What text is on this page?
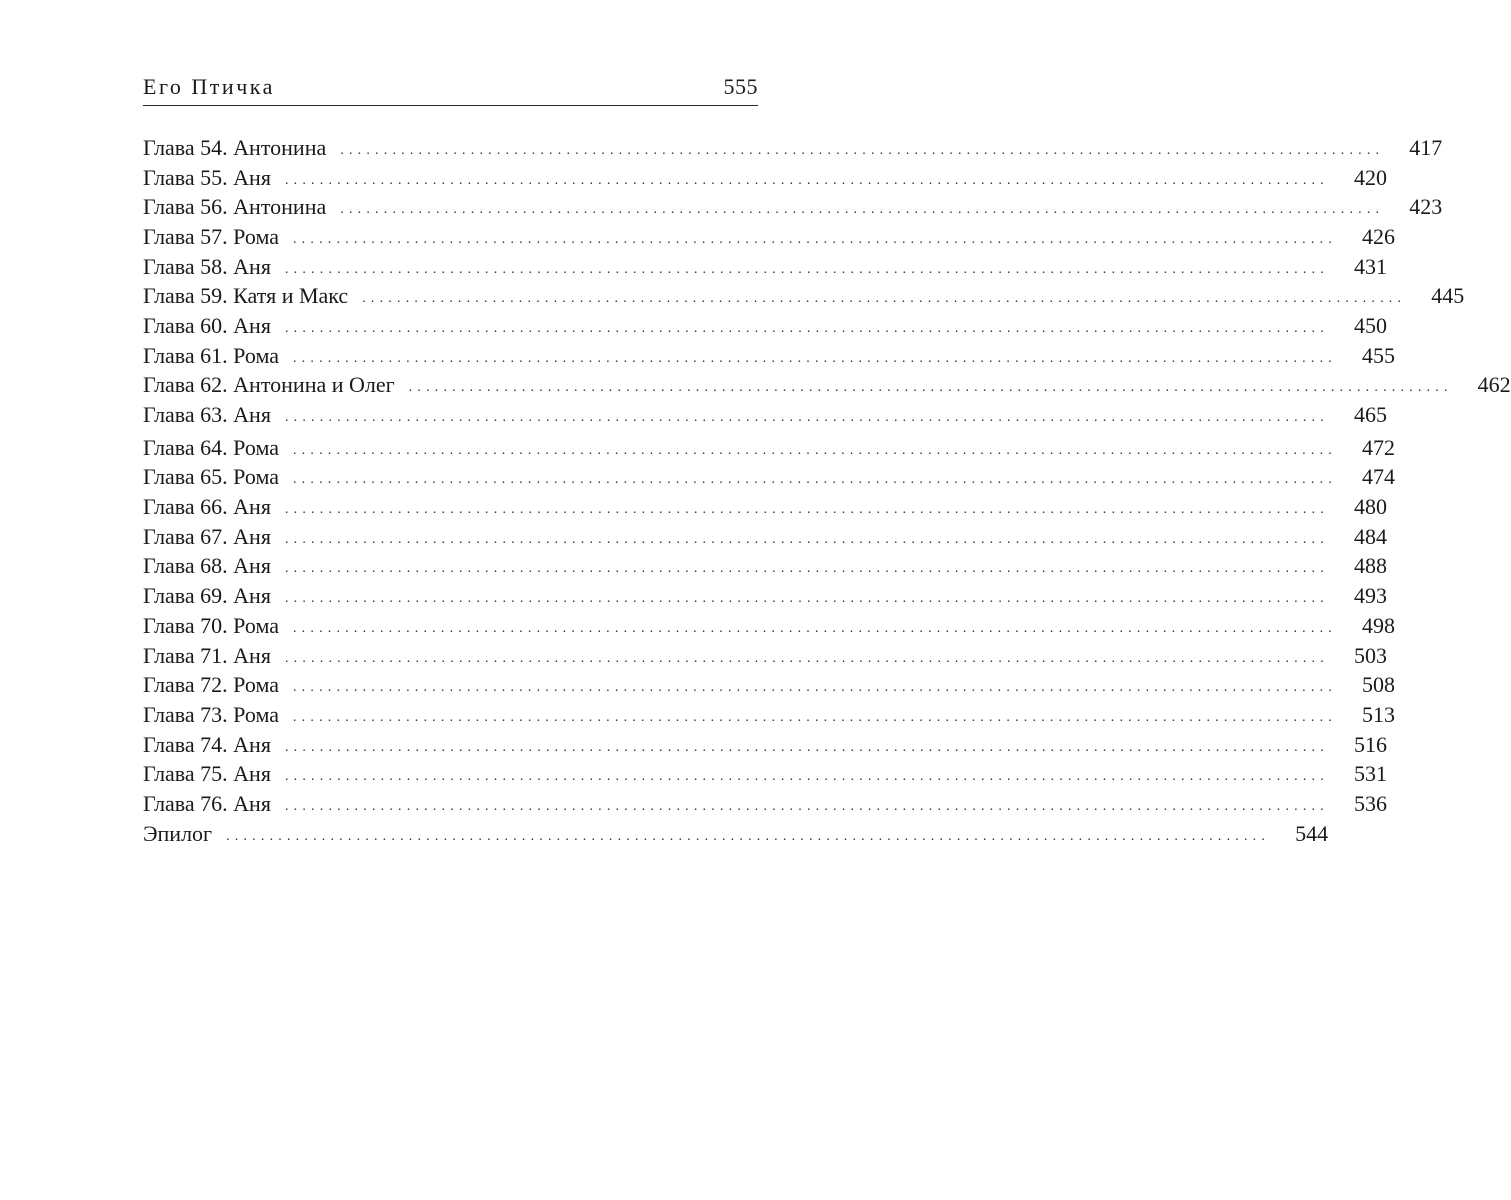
Его Птичка	555
Глава 54. Антонина	........................................................................................................................	417
Глава 55. Аня	........................................................................................................................	420
Глава 56. Антонина	........................................................................................................................	423
Глава 57. Рома	........................................................................................................................	426
Глава 58. Аня	........................................................................................................................	431
Глава 59. Катя и Макс	........................................................................................................................	445
Глава 60. Аня	........................................................................................................................	450
Глава 61. Рома	........................................................................................................................	455
Глава 62. Антонина и Олег	........................................................................................................................	462
Глава 63. Аня	........................................................................................................................	465
Глава 64. Рома	........................................................................................................................	472
Глава 65. Рома	........................................................................................................................	474
Глава 66. Аня	........................................................................................................................	480
Глава 67. Аня	........................................................................................................................	484
Глава 68. Аня	........................................................................................................................	488
Глава 69. Аня	........................................................................................................................	493
Глава 70. Рома	........................................................................................................................	498
Глава 71. Аня	........................................................................................................................	503
Глава 72. Рома	........................................................................................................................	508
Глава 73. Рома	........................................................................................................................	513
Глава 74. Аня	........................................................................................................................	516
Глава 75. Аня	........................................................................................................................	531
Глава 76. Аня	........................................................................................................................	536
Эпилог	........................................................................................................................	544
